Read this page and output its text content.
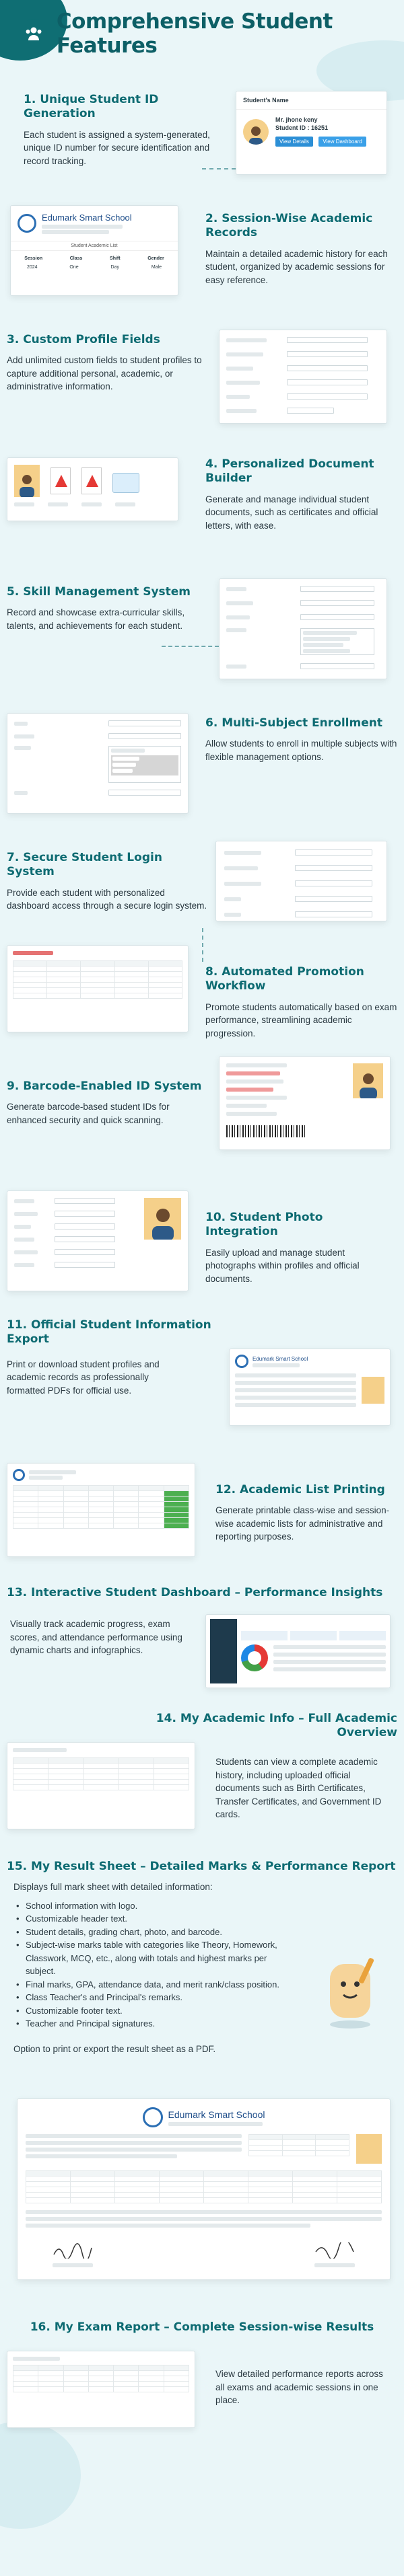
Comprehensive Student Features
1. Unique Student ID Generation
Each student is assigned a system-generated, unique ID number for secure identification and record tracking.
Student's Name
Mr. jhone keny
Student ID : 16251
View Details	View Dashboard
Edumark Smart School
Student Academic List
Session	Class	Shift	Gender
2024	One	Day	Male
2. Session-Wise Academic Records
Maintain a detailed academic history for each student, organized by academic sessions for easy reference.
3. Custom Profile Fields
Add unlimited custom fields to student profiles to capture additional personal, academic, or administrative information.
4. Personalized Document Builder
Generate and manage individual student documents, such as certificates and official letters, with ease.
5. Skill Management System
Record and showcase extra-curricular skills, talents, and achievements for each student.
6. Multi-Subject Enrollment
Allow students to enroll in multiple subjects with flexible management options.
7. Secure Student Login System
Provide each student with personalized dashboard access through a secure login system.

8. Automated Promotion Workflow
Promote students automatically based on exam performance, streamlining academic progression.
9. Barcode-Enabled ID System
Generate barcode-based student IDs for enhanced security and quick scanning.
10. Student Photo Integration
Easily upload and manage student photographs within profiles and official documents.
11. Official Student Information Export
Print or download student profiles and academic records as professionally formatted PDFs for official use.
Edumark Smart School

12. Academic List Printing
Generate printable class-wise and session-wise academic lists for administrative and reporting purposes.
13. Interactive Student Dashboard – Performance Insights
Visually track academic progress, exam scores, and attendance performance using dynamic charts and infographics.
14. My Academic Info – Full Academic Overview

Students can view a complete academic history, including uploaded official documents such as Birth Certificates, Transfer Certificates, and Government ID cards.
15. My Result Sheet – Detailed Marks & Performance Report
Displays full mark sheet with detailed information:
• School information with logo.
• Customizable header text.
• Student details, grading chart, photo, and barcode.
• Subject-wise marks table with categories like Theory, Homework, Classwork, MCQ, etc., along with totals and highest marks per subject.
• Final marks, GPA, attendance data, and merit rank/class position.
• Class Teacher's and Principal's remarks.
• Customizable footer text.
• Teacher and Principal signatures.
Option to print or export the result sheet as a PDF.
Edumark Smart School

16. My Exam Report – Complete Session-wise Results

View detailed performance reports across all exams and academic sessions in one place.
